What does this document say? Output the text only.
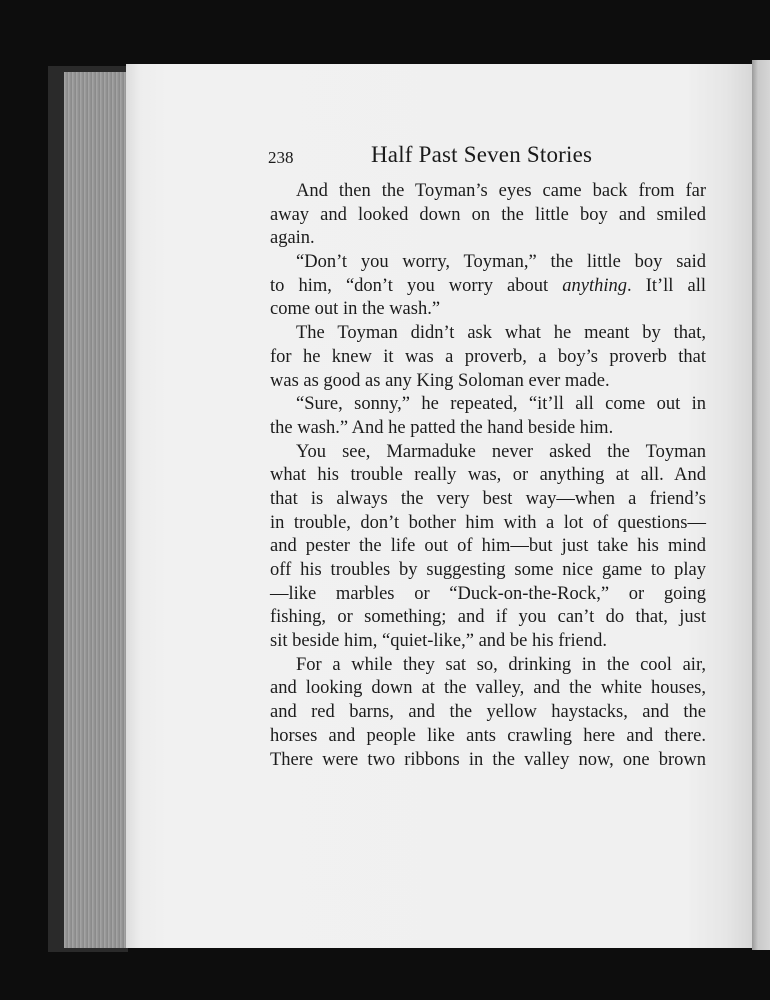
238	Half Past Seven Stories
And then the Toyman’s eyes came back from far
away and looked down on the little boy and smiled
again.
“Don’t you worry, Toyman,” the little boy said
to him, “don’t you worry about anything. It’ll all
come out in the wash.”
The Toyman didn’t ask what he meant by that,
for he knew it was a proverb, a boy’s proverb that
was as good as any King Soloman ever made.
“Sure, sonny,” he repeated, “it’ll all come out in
the wash.” And he patted the hand beside him.
You see, Marmaduke never asked the Toyman
what his trouble really was, or anything at all. And
that is always the very best way—when a friend’s
in trouble, don’t bother him with a lot of questions—
and pester the life out of him—but just take his mind
off his troubles by suggesting some nice game to play
—like marbles or “Duck-on-the-Rock,” or going
fishing, or something; and if you can’t do that, just
sit beside him, “quiet-like,” and be his friend.
For a while they sat so, drinking in the cool air,
and looking down at the valley, and the white houses,
and red barns, and the yellow haystacks, and the
horses and people like ants crawling here and there.
There were two ribbons in the valley now, one brown
